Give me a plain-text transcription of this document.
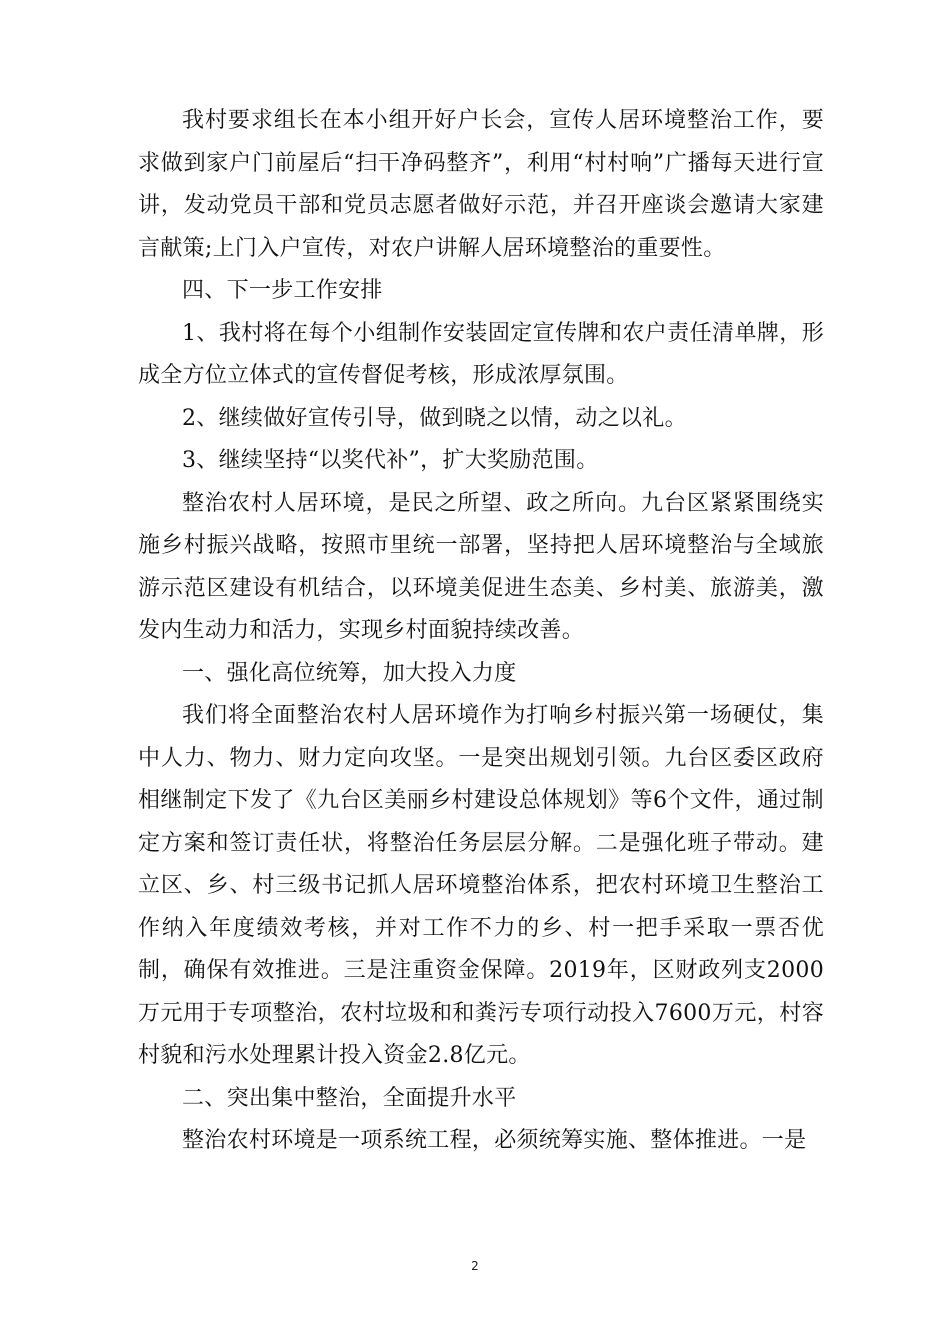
我村要求组长在本小组开好户长会，宣传人居环境整治工作，要求做到家户门前屋后“扫干净码整齐”，利用“村村响”广播每天进行宣讲，发动党员干部和党员志愿者做好示范，并召开座谈会邀请大家建言献策;上门入户宣传，对农户讲解人居环境整治的重要性。

四、下一步工作安排

1、我村将在每个小组制作安装固定宣传牌和农户责任清单牌，形成全方位立体式的宣传督促考核，形成浓厚氛围。

2、继续做好宣传引导，做到晓之以情，动之以礼。

3、继续坚持“以奖代补”，扩大奖励范围。

整治农村人居环境，是民之所望、政之所向。九台区紧紧围绕实施乡村振兴战略，按照市里统一部署，坚持把人居环境整治与全域旅游示范区建设有机结合，以环境美促进生态美、乡村美、旅游美，激发内生动力和活力，实现乡村面貌持续改善。

一、强化高位统筹，加大投入力度

我们将全面整治农村人居环境作为打响乡村振兴第一场硬仗，集中人力、物力、财力定向攻坚。一是突出规划引领。九台区委区政府相继制定下发了《九台区美丽乡村建设总体规划》等6个文件，通过制定方案和签订责任状，将整治任务层层分解。二是强化班子带动。建立区、乡、村三级书记抓人居环境整治体系，把农村环境卫生整治工作纳入年度绩效考核，并对工作不力的乡、村一把手采取一票否优制，确保有效推进。三是注重资金保障。2019年，区财政列支2000万元用于专项整治，农村垃圾和和粪污专项行动投入7600万元，村容村貌和污水处理累计投入资金2.8亿元。

二、突出集中整治，全面提升水平

整治农村环境是一项系统工程，必须统筹实施、整体推进。一是

2
